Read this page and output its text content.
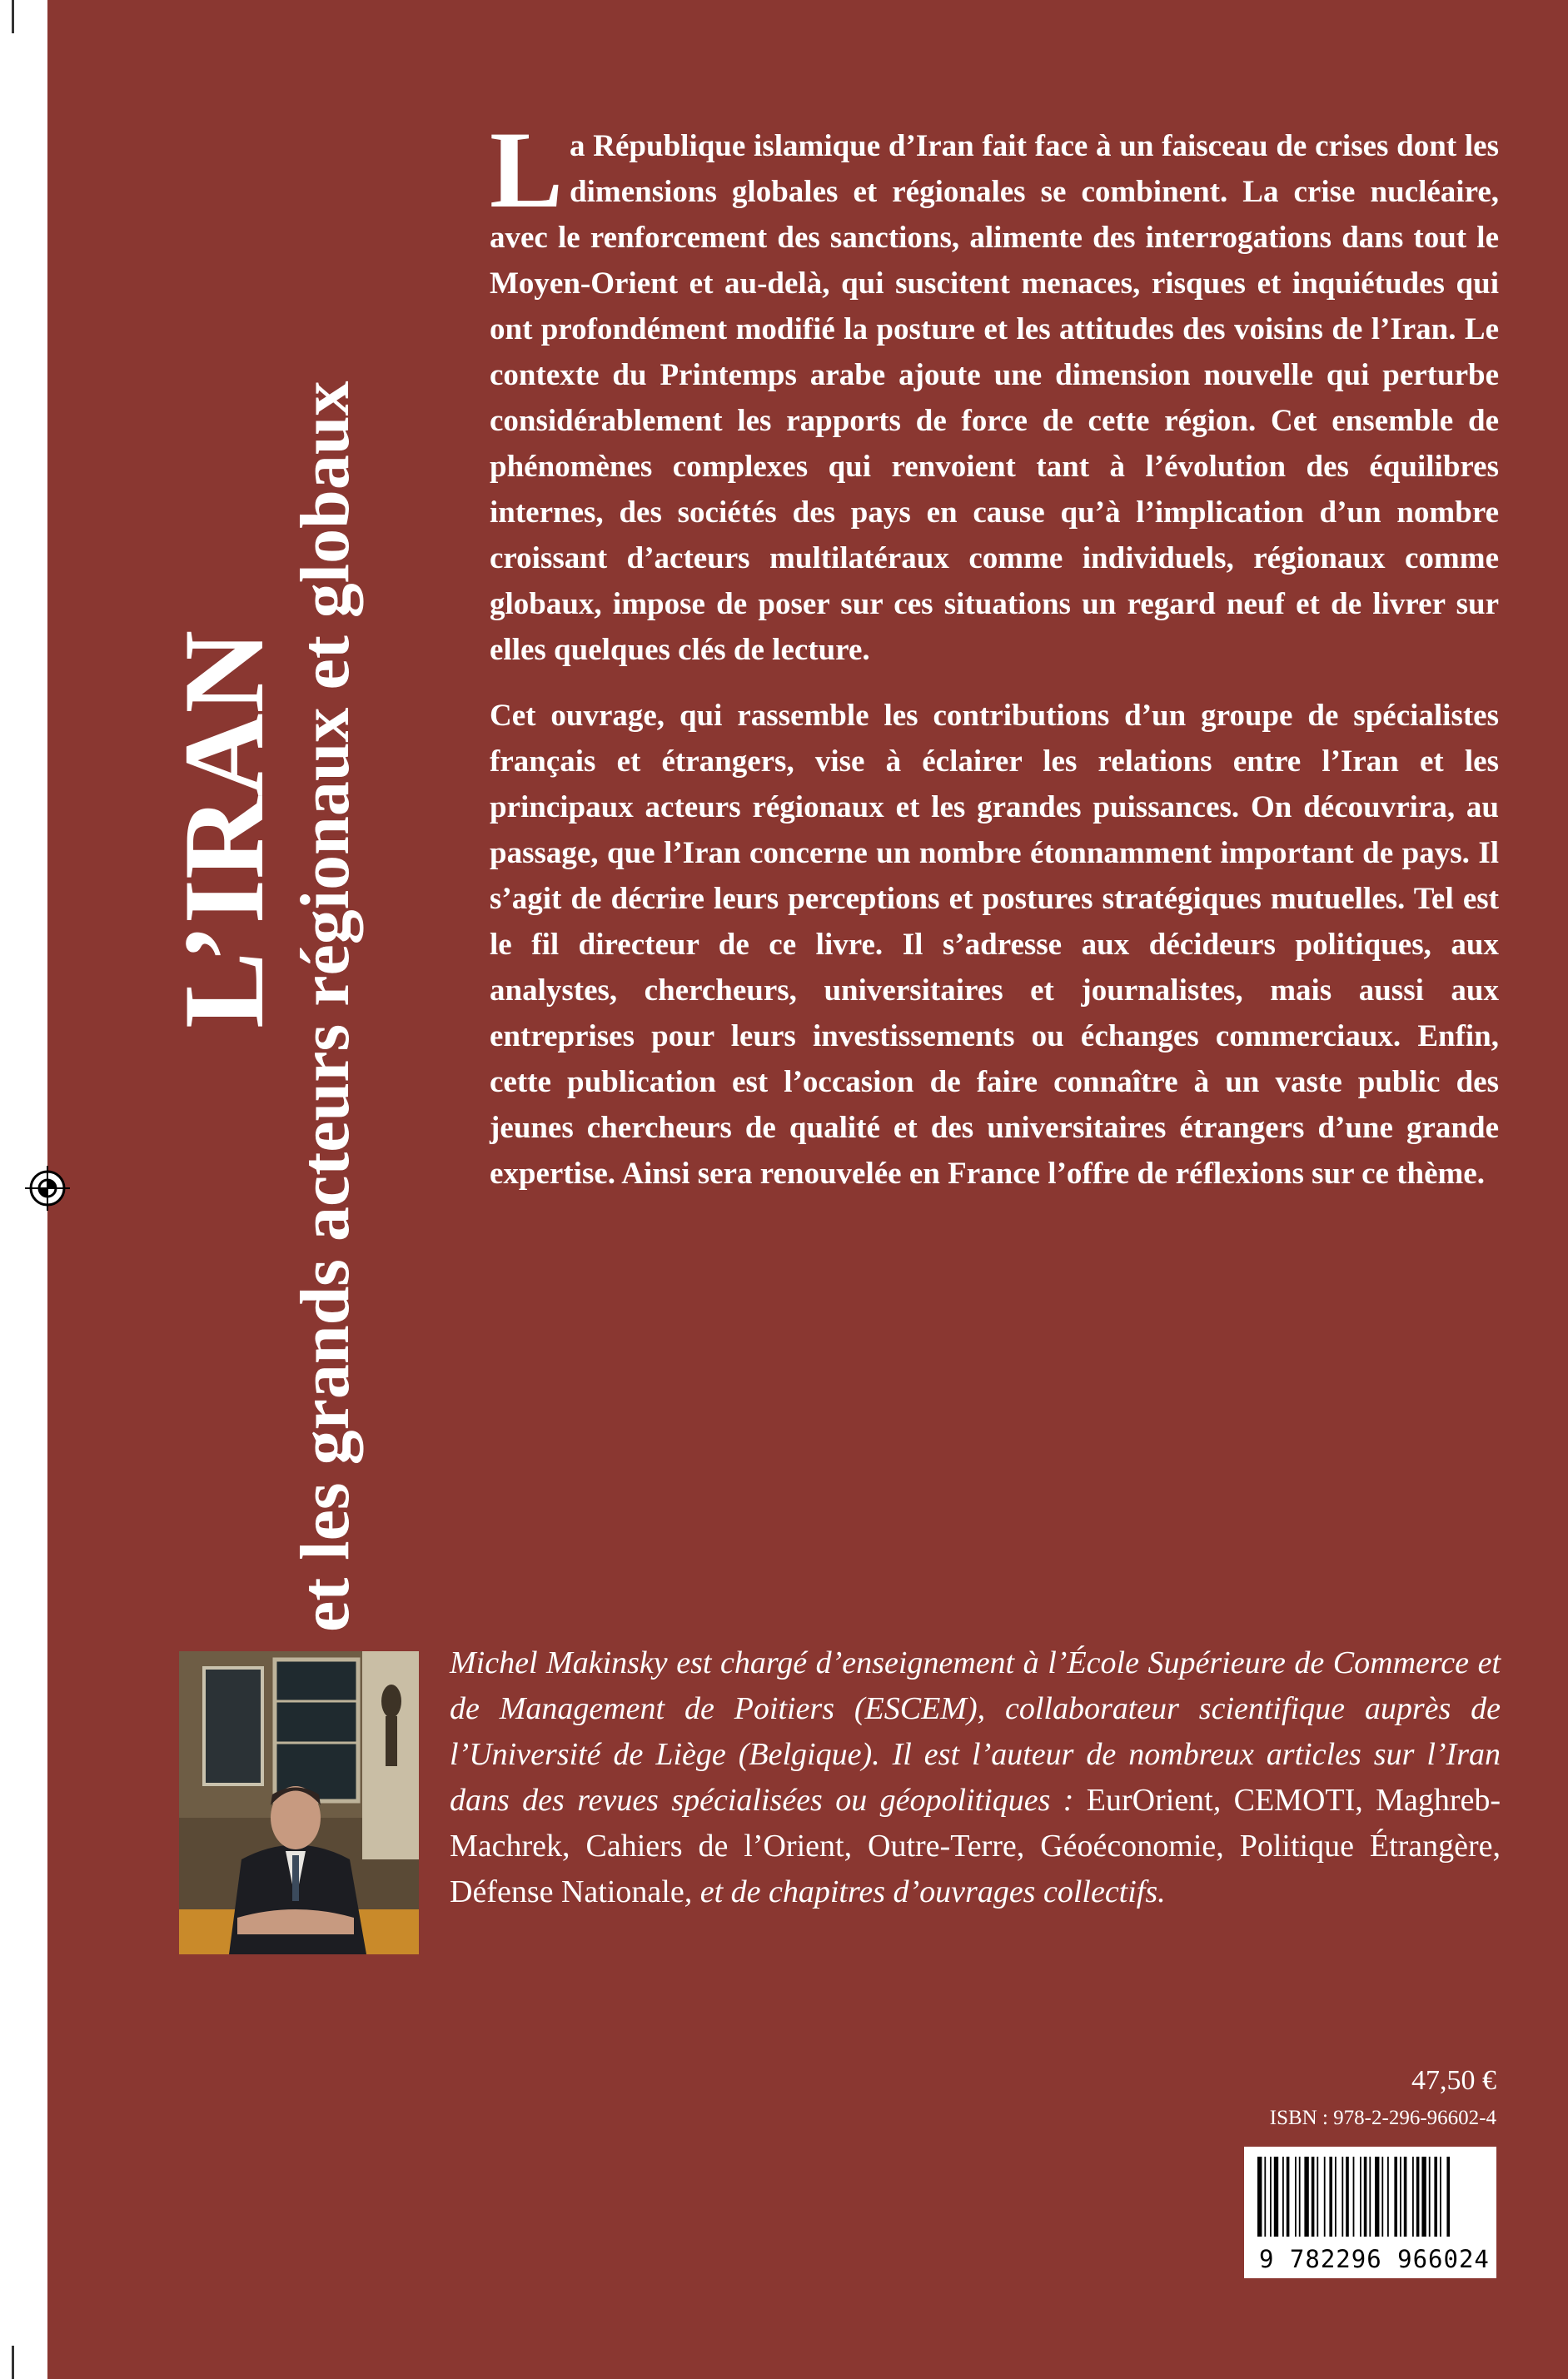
L’IRAN et les grands acteurs régionaux et globaux

La République islamique d’Iran fait face à un faisceau de crises dont les dimensions globales et régionales se combinent. La crise nucléaire, avec le renforcement des sanctions, alimente des interrogations dans tout le Moyen-Orient et au-delà, qui suscitent menaces, risques et inquiétudes qui ont profondément modifié la posture et les attitudes des voisins de l’Iran. Le contexte du Printemps arabe ajoute une dimension nouvelle qui perturbe considérablement les rapports de force de cette région. Cet ensemble de phénomènes complexes qui renvoient tant à l’évolution des équilibres internes, des sociétés des pays en cause qu’à l’implication d’un nombre croissant d’acteurs multilatéraux comme individuels, régionaux comme globaux, impose de poser sur ces situations un regard neuf et de livrer sur elles quelques clés de lecture.

Cet ouvrage, qui rassemble les contributions d’un groupe de spécialistes français et étrangers, vise à éclairer les relations entre l’Iran et les principaux acteurs régionaux et les grandes puissances. On découvrira, au passage, que l’Iran concerne un nombre étonnamment important de pays. Il s’agit de décrire leurs perceptions et postures stratégiques mutuelles. Tel est le fil directeur de ce livre. Il s’adresse aux décideurs politiques, aux analystes, chercheurs, universitaires et journalistes, mais aussi aux entreprises pour leurs investissements ou échanges commerciaux. Enfin, cette publication est l’occasion de faire connaître à un vaste public des jeunes chercheurs de qualité et des universitaires étrangers d’une grande expertise. Ainsi sera renouvelée en France l’offre de réflexions sur ce thème.

Michel Makinsky est chargé d’enseignement à l’École Supérieure de Commerce et de Management de Poitiers (ESCEM), collaborateur scientifique auprès de l’Université de Liège (Belgique). Il est l’auteur de nombreux articles sur l’Iran dans des revues spécialisées ou géopolitiques : EurOrient, CEMOTI, Maghreb-Machrek, Cahiers de l’Orient, Outre-Terre, Géoéconomie, Politique Étrangère, Défense Nationale, et de chapitres d’ouvrages collectifs.

47,50 €
ISBN : 978-2-296-96602-4
9 782296 966024
